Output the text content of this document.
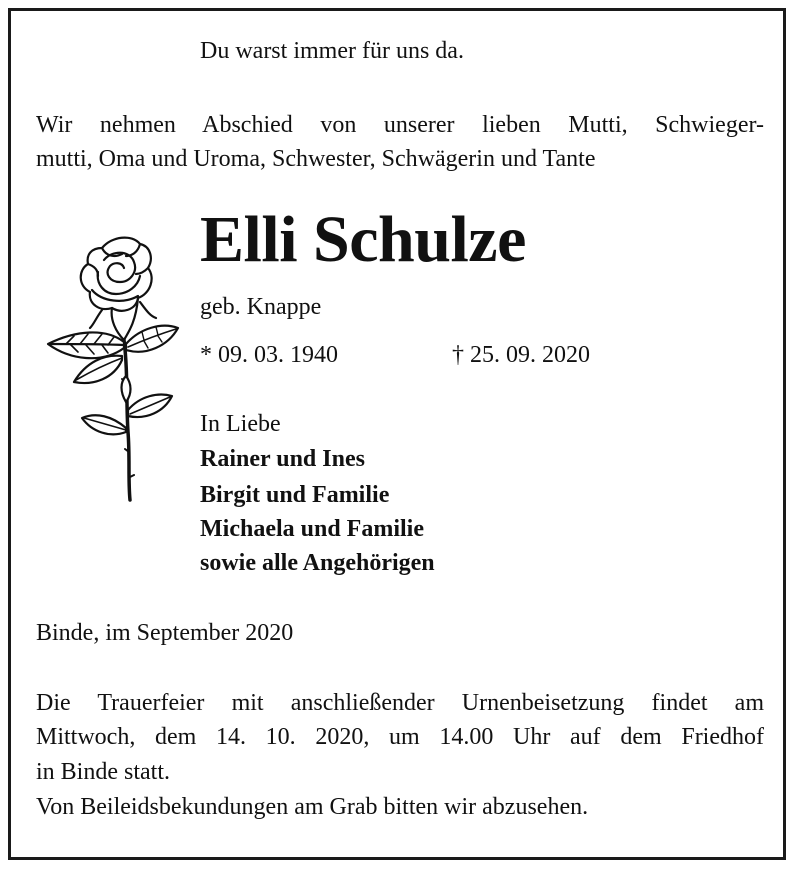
Du warst immer für uns da.
Wir nehmen Abschied von unserer lieben Mutti, Schwieger-
mutti, Oma und Uroma, Schwester, Schwägerin und Tante
Elli Schulze
geb. Knappe
* 09. 03. 1940	† 25. 09. 2020
In Liebe
Rainer und Ines
Birgit und Familie
Michaela und Familie
sowie alle Angehörigen
Binde, im September 2020
Die Trauerfeier mit anschließender Urnenbeisetzung findet am
Mittwoch, dem 14. 10. 2020, um 14.00 Uhr auf dem Friedhof
in Binde statt.
Von Beileidsbekundungen am Grab bitten wir abzusehen.
